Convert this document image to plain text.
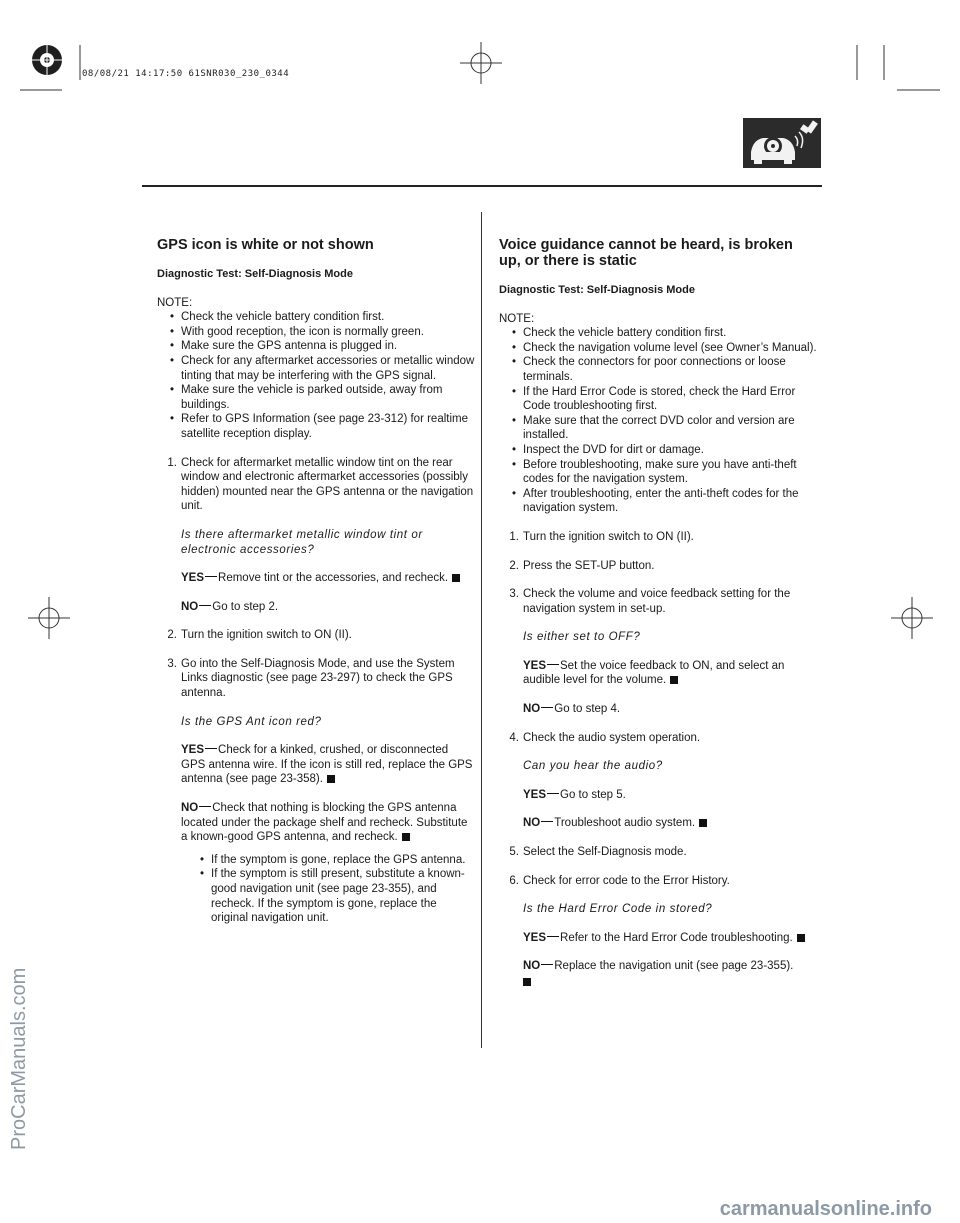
08/08/21 14:17:50 61SNR030_230_0344
GPS icon is white or not shown
Diagnostic Test: Self-Diagnosis Mode
NOTE:
• Check the vehicle battery condition first.
• With good reception, the icon is normally green.
• Make sure the GPS antenna is plugged in.
• Check for any aftermarket accessories or metallic window tinting that may be interfering with the GPS signal.
• Make sure the vehicle is parked outside, away from buildings.
• Refer to GPS Information (see page 23-312) for realtime satellite reception display.
1. Check for aftermarket metallic window tint on the rear window and electronic aftermarket accessories (possibly hidden) mounted near the GPS antenna or the navigation unit.
Is there aftermarket metallic window tint or electronic accessories?
YES Remove tint or the accessories, and recheck.
NO Go to step 2.
2. Turn the ignition switch to ON (II).
3. Go into the Self-Diagnosis Mode, and use the System Links diagnostic (see page 23-297) to check the GPS antenna.
Is the GPS Ant icon red?
YES Check for a kinked, crushed, or disconnected GPS antenna wire. If the icon is still red, replace the GPS antenna (see page 23-358).
NO Check that nothing is blocking the GPS antenna located under the package shelf and recheck. Substitute a known-good GPS antenna, and recheck.
• If the symptom is gone, replace the GPS antenna.
• If the symptom is still present, substitute a known-good navigation unit (see page 23-355), and recheck. If the symptom is gone, replace the original navigation unit.
Voice guidance cannot be heard, is broken up, or there is static
Diagnostic Test: Self-Diagnosis Mode
NOTE:
• Check the vehicle battery condition first.
• Check the navigation volume level (see Owner’s Manual).
• Check the connectors for poor connections or loose terminals.
• If the Hard Error Code is stored, check the Hard Error Code troubleshooting first.
• Make sure that the correct DVD color and version are installed.
• Inspect the DVD for dirt or damage.
• Before troubleshooting, make sure you have anti-theft codes for the navigation system.
• After troubleshooting, enter the anti-theft codes for the navigation system.
1. Turn the ignition switch to ON (II).
2. Press the SET-UP button.
3. Check the volume and voice feedback setting for the navigation system in set-up.
Is either set to OFF?
YES Set the voice feedback to ON, and select an audible level for the volume.
NO Go to step 4.
4. Check the audio system operation.
Can you hear the audio?
YES Go to step 5.
NO Troubleshoot audio system.
5. Select the Self-Diagnosis mode.
6. Check for error code to the Error History.
Is the Hard Error Code in stored?
YES Refer to the Hard Error Code troubleshooting.
NO Replace the navigation unit (see page 23-355).

ProCarManuals.com
carmanualsonline.info
